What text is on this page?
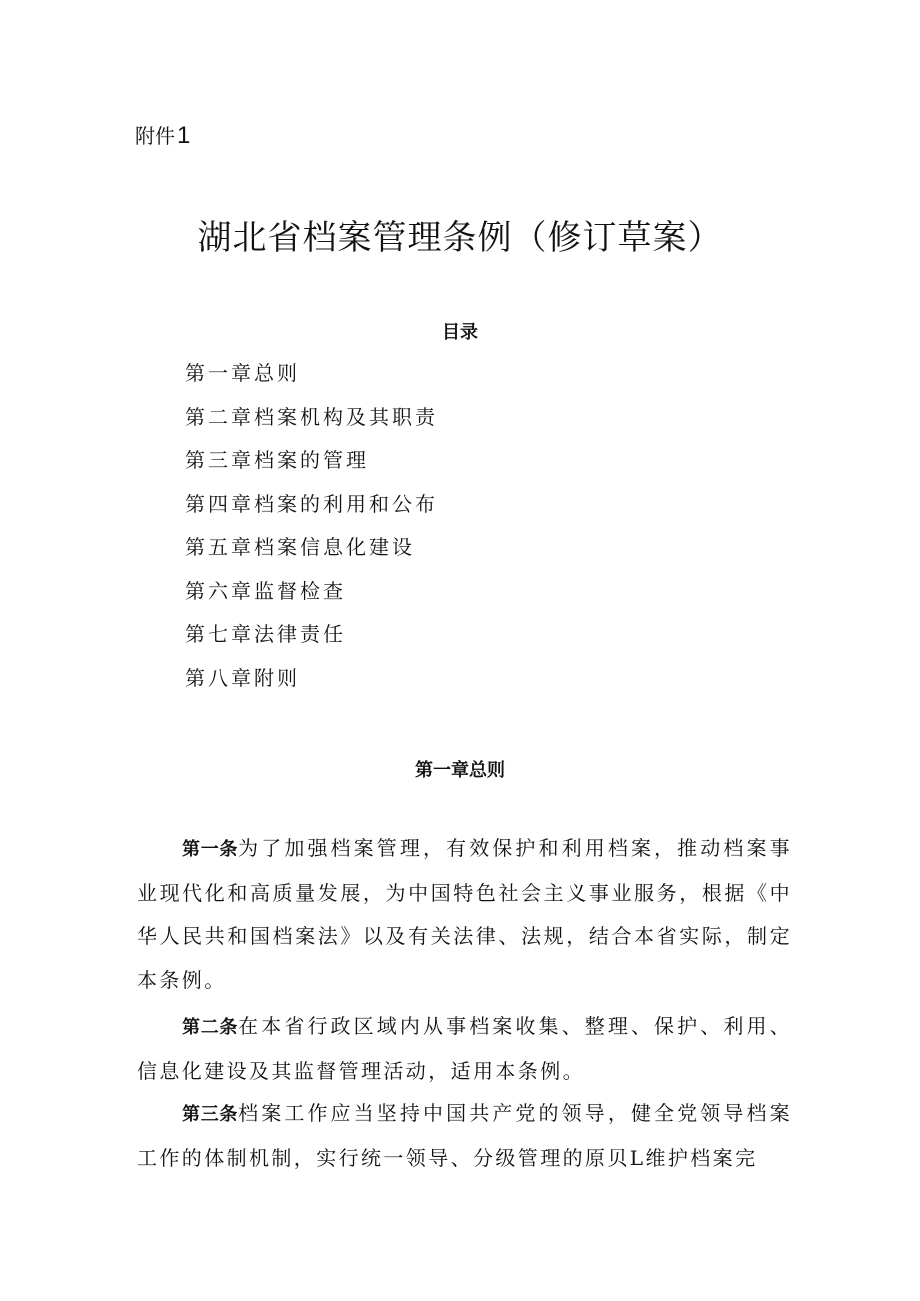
附件1
湖北省档案管理条例（修订草案）
目录
第一章总则
第二章档案机构及其职责
第三章档案的管理
第四章档案的利用和公布
第五章档案信息化建设
第六章监督检查
第七章法律责任
第八章附则
第一章总则

第一条为了加强档案管理，有效保护和利用档案，推动档案事业现代化和高质量发展，为中国特色社会主义事业服务，根据《中华人民共和国档案法》以及有关法律、法规，结合本省实际，制定本条例。

第二条在本省行政区域内从事档案收集、整理、保护、利用、信息化建设及其监督管理活动，适用本条例。

第三条档案工作应当坚持中国共产党的领导，健全党领导档案工作的体制机制，实行统一领导、分级管理的原贝L维护档案完
